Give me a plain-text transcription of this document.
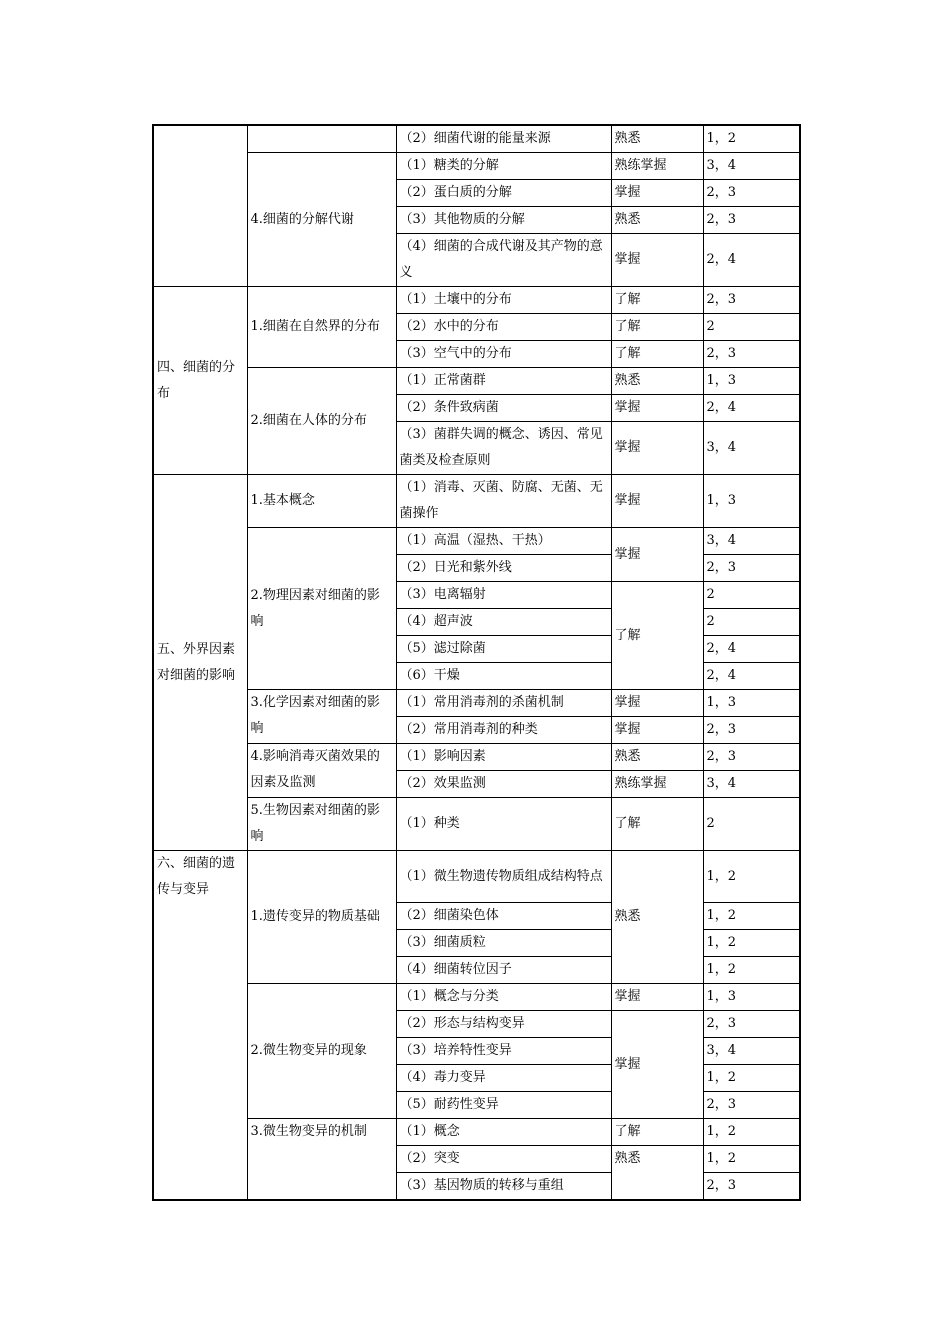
		（2）细菌代谢的能量来源	熟悉	1，2
	4.细菌的分解代谢	（1）糖类的分解	熟练掌握	3，4
		（2）蛋白质的分解	掌握	2，3
		（3）其他物质的分解	熟悉	2，3
		（4）细菌的合成代谢及其产物的意义	掌握	2，4
四、细菌的分布	1.细菌在自然界的分布	（1）土壤中的分布	了解	2，3
		（2）水中的分布	了解	2
		（3）空气中的分布	了解	2，3
	2.细菌在人体的分布	（1）正常菌群	熟悉	1，3
		（2）条件致病菌	掌握	2，4
		（3）菌群失调的概念、诱因、常见菌类及检查原则	掌握	3，4
五、外界因素对细菌的影响	1.基本概念	（1）消毒、灭菌、防腐、无菌、无菌操作	掌握	1，3
	2.物理因素对细菌的影响	（1）高温（湿热、干热）	掌握	3，4
		（2）日光和紫外线		2，3
		（3）电离辐射	了解	2
		（4）超声波		2
		（5）滤过除菌		2，4
		（6）干燥		2，4
	3.化学因素对细菌的影响	（1）常用消毒剂的杀菌机制	掌握	1，3
		（2）常用消毒剂的种类	掌握	2，3
	4.影响消毒灭菌效果的因素及监测	（1）影响因素	熟悉	2，3
		（2）效果监测	熟练掌握	3，4
	5.生物因素对细菌的影响	（1）种类	了解	2
六、细菌的遗传与变异	1.遗传变异的物质基础	（1）微生物遗传物质组成结构特点	熟悉	1，2
		（2）细菌染色体		1，2
		（3）细菌质粒		1，2
		（4）细菌转位因子		1，2
	2.微生物变异的现象	（1）概念与分类	掌握	1，3
		（2）形态与结构变异	掌握	2，3
		（3）培养特性变异		3，4
		（4）毒力变异		1，2
		（5）耐药性变异		2，3
	3.微生物变异的机制	（1）概念	了解	1，2
		（2）突变	熟悉	1，2
		（3）基因物质的转移与重组		2，3
